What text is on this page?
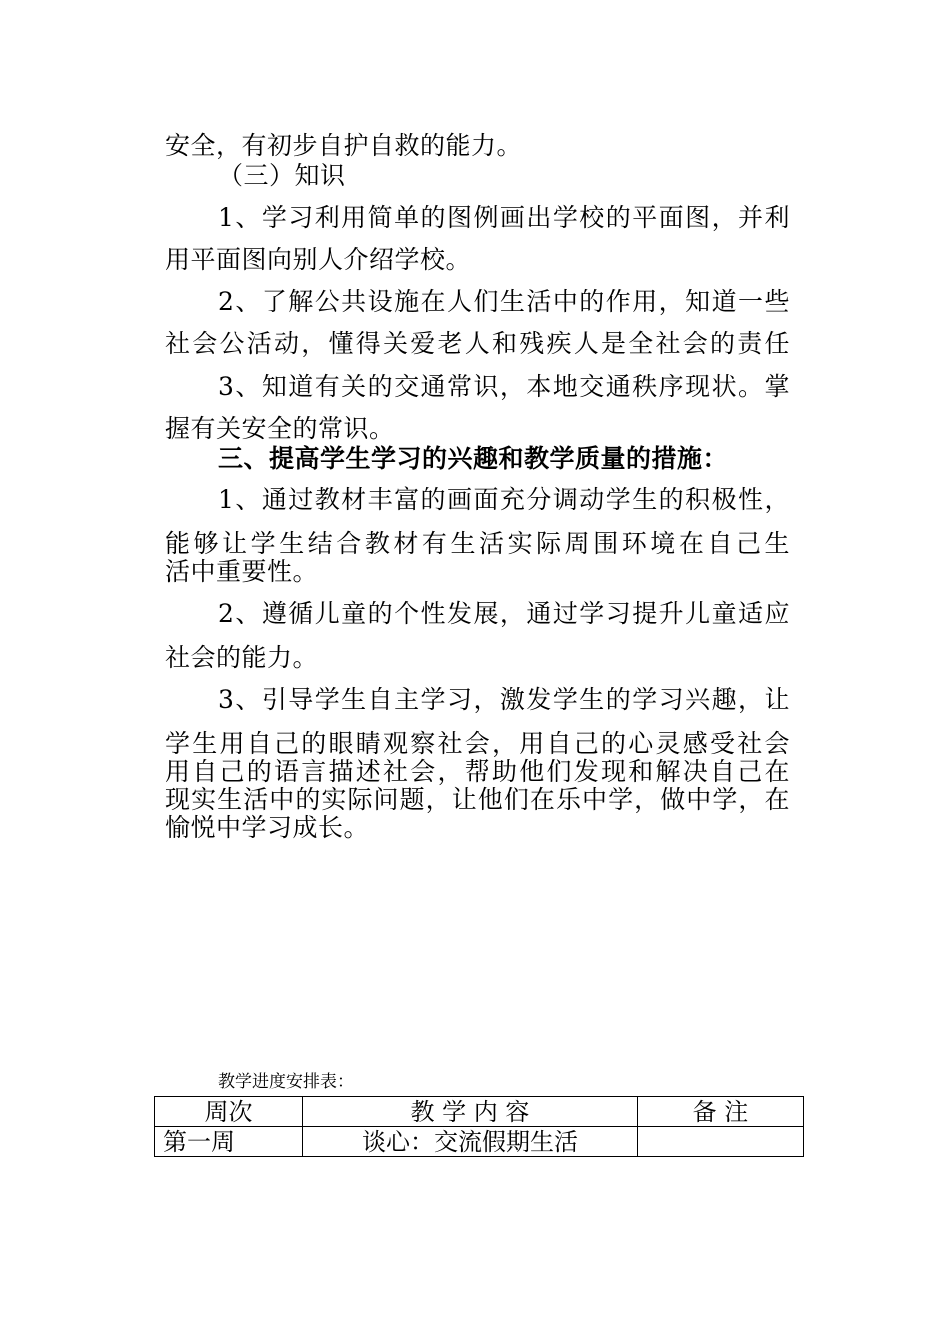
安全，有初步自护自救的能力。
（三）知识
1、学习利用简单的图例画出学校的平面图，并利
用平面图向别人介绍学校。
2、了解公共设施在人们生活中的作用，知道一些
社会公活动，懂得关爱老人和残疾人是全社会的责任
3、知道有关的交通常识，本地交通秩序现状。掌
握有关安全的常识。
三、提高学生学习的兴趣和教学质量的措施：
1、通过教材丰富的画面充分调动学生的积极性，
能够让学生结合教材有生活实际周围环境在自己生
活中重要性。
2、遵循儿童的个性发展，通过学习提升儿童适应
社会的能力。
3、引导学生自主学习，激发学生的学习兴趣，让
学生用自己的眼睛观察社会，用自己的心灵感受社会
用自己的语言描述社会，帮助他们发现和解决自己在
现实生活中的实际问题，让他们在乐中学，做中学，在
愉悦中学习成长。
教学进度安排表：
周次	教 学 内 容	备 注
第一周	谈心：交流假期生活	
